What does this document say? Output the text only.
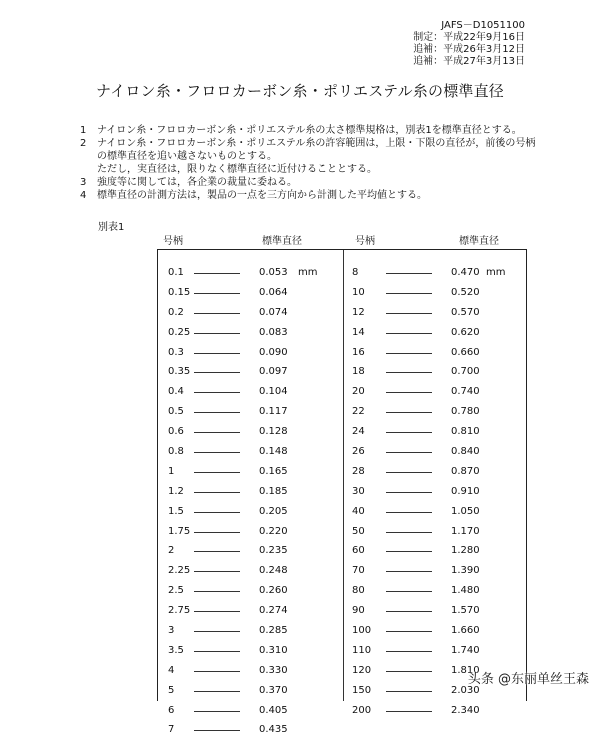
JAFS－D1051100
制定：平成22年9月16日
追補：平成26年3月12日
追補：平成27年3月13日
ナイロン糸・フロロカーボン糸・ポリエステル糸の標準直径
1	ナイロン糸・フロロカーボン糸・ポリエステル糸の太さ標準規格は，別表1を標準直径とする。
2	ナイロン糸・フロロカーボン糸・ポリエステル糸の許容範囲は，上限・下限の直径が，前後の号柄の標準直径を追い越さないものとする。
ただし，実直径は，限りなく標準直径に近付けることとする。
3	強度等に関しては，各企業の裁量に委ねる。
4	標準直径の計測方法は，製品の一点を三方向から計測した平均値とする。
別表1
号柄	標準直径	号柄	標準直径
0.1	0.053 mm
0.15	0.064
0.2	0.074
0.25	0.083
0.3	0.090
0.35	0.097
0.4	0.104
0.5	0.117
0.6	0.128
0.8	0.148
1	0.165
1.2	0.185
1.5	0.205
1.75	0.220
2	0.235
2.25	0.248
2.5	0.260
2.75	0.274
3	0.285
3.5	0.310
4	0.330
5	0.370
6	0.405
7	0.435
8	0.470 mm
10	0.520
12	0.570
14	0.620
16	0.660
18	0.700
20	0.740
22	0.780
24	0.810
26	0.840
28	0.870
30	0.910
40	1.050
50	1.170
60	1.280
70	1.390
80	1.480
90	1.570
100	1.660
110	1.740
120	1.810
150	2.030
200	2.340
头条 @东丽单丝王森
